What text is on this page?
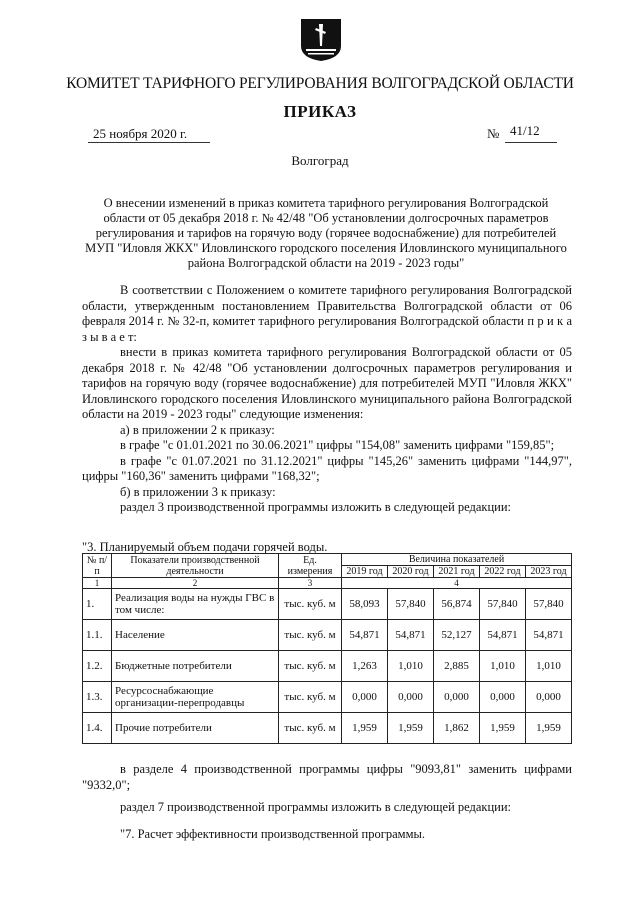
КОМИТЕТ ТАРИФНОГО РЕГУЛИРОВАНИЯ ВОЛГОГРАДСКОЙ ОБЛАСТИ
ПРИКАЗ
25 ноября 2020 г.	№ 41/12
Волгоград
О внесении изменений в приказ комитета тарифного регулирования Волгоградской области от 05 декабря 2018 г. № 42/48 "Об установлении долгосрочных параметров регулирования и тарифов на горячую воду (горячее водоснабжение) для потребителей МУП "Иловля ЖКХ" Иловлинского городского поселения Иловлинского муниципального района Волгоградской области на 2019 - 2023 годы"

В соответствии с Положением о комитете тарифного регулирования Волгоградской области, утвержденным постановлением Правительства Волгоградской области от 06 февраля 2014 г. № 32-п, комитет тарифного регулирования Волгоградской области п р и к а з ы в а е т:

внести в приказ комитета тарифного регулирования Волгоградской области от 05 декабря 2018 г. № 42/48 "Об установлении долгосрочных параметров регулирования и тарифов на горячую воду (горячее водоснабжение) для потребителей МУП "Иловля ЖКХ" Иловлинского городского поселения Иловлинского муниципального района Волгоградской области на 2019 - 2023 годы" следующие изменения:

а) в приложении 2 к приказу:

в графе "с 01.01.2021 по 30.06.2021" цифры "154,08" заменить цифрами "159,85";

в графе "с 01.07.2021 по 31.12.2021" цифры "145,26" заменить цифрами "144,97", цифры "160,36" заменить цифрами "168,32";

б) в приложении 3 к приказу:

раздел 3 производственной программы изложить в следующей редакции:

"3. Планируемый объем подачи горячей воды.
№ п/п	Показатели производственной деятельности	Ед. измерения	Величина показателей				
			2019 год	2020 год	2021 год	2022 год	2023 год
1	2	3	4				
1.	Реализация воды на нужды ГВС в том числе:	тыс. куб. м	58,093	57,840	56,874	57,840	57,840
1.1.	Население	тыс. куб. м	54,871	54,871	52,127	54,871	54,871
1.2.	Бюджетные потребители	тыс. куб. м	1,263	1,010	2,885	1,010	1,010
1.3.	Ресурсоснабжающие организации-перепродавцы	тыс. куб. м	0,000	0,000	0,000	0,000	0,000
1.4.	Прочие потребители	тыс. куб. м	1,959	1,959	1,862	1,959	1,959

в разделе 4 производственной программы цифры "9093,81" заменить цифрами "9332,0";

раздел 7 производственной программы изложить в следующей редакции:

"7. Расчет эффективности производственной программы.
